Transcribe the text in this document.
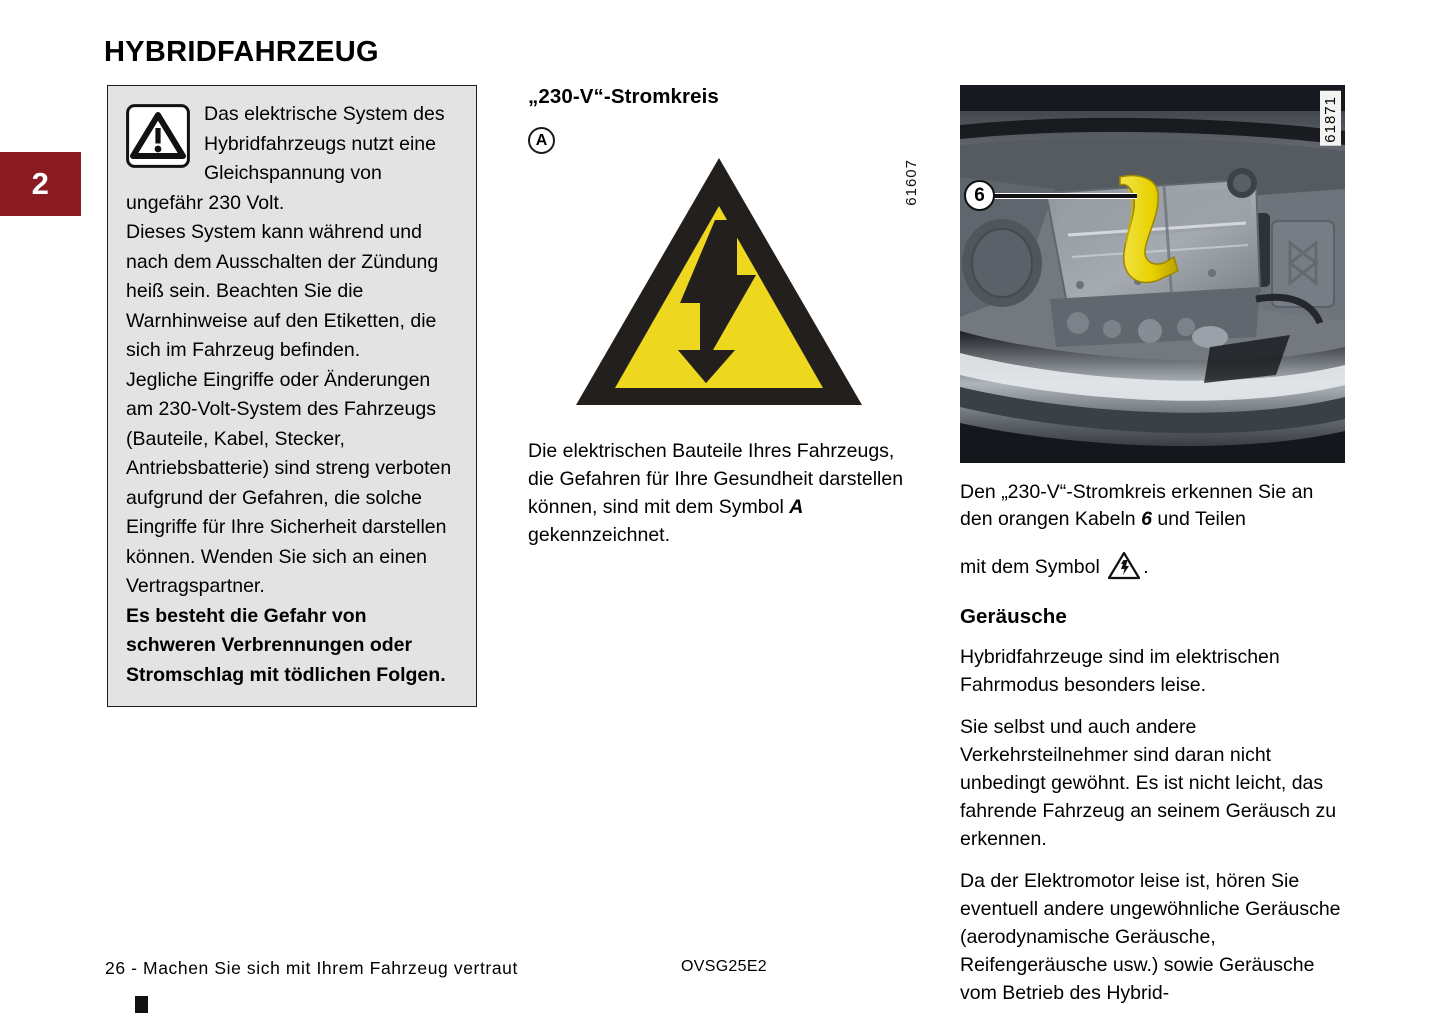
2
HYBRIDFAHRZEUG

Das elektrische System des Hybridfahrzeugs nutzt eine Gleichspannung von ungefähr 230 Volt.

Dieses System kann während und nach dem Ausschalten der Zündung heiß sein. Beachten Sie die Warnhinweise auf den Etiketten, die sich im Fahrzeug befinden.

Jegliche Eingriffe oder Änderungen am 230-Volt-System des Fahrzeugs (Bauteile, Kabel, Stecker, Antriebsbatterie) sind streng verboten aufgrund der Gefahren, die solche Eingriffe für Ihre Sicherheit darstellen können. Wenden Sie sich an einen Vertragspartner.

Es besteht die Gefahr von schweren Verbrennungen oder Stromschlag mit tödlichen Folgen.

„230-V“-Stromkreis
A
61607

Die elektrischen Bauteile Ihres Fahrzeugs, die Gefahren für Ihre Gesundheit darstellen können, sind mit dem Symbol A gekennzeichnet.

6
61871

Den „230-V“-Stromkreis erkennen Sie an den orangen Kabeln 6 und Teilen

mit dem Symbol .

Geräusche

Hybridfahrzeuge sind im elektrischen Fahrmodus besonders leise.

Sie selbst und auch andere Verkehrsteilnehmer sind daran nicht unbedingt gewöhnt. Es ist nicht leicht, das fahrende Fahrzeug an seinem Geräusch zu erkennen.

Da der Elektromotor leise ist, hören Sie eventuell andere ungewöhnliche Geräusche (aerodynamische Geräusche, Reifengeräusche usw.) sowie Geräusche vom Betrieb des Hybrid-

26 - Machen Sie sich mit Ihrem Fahrzeug vertraut	OVSG25E2
